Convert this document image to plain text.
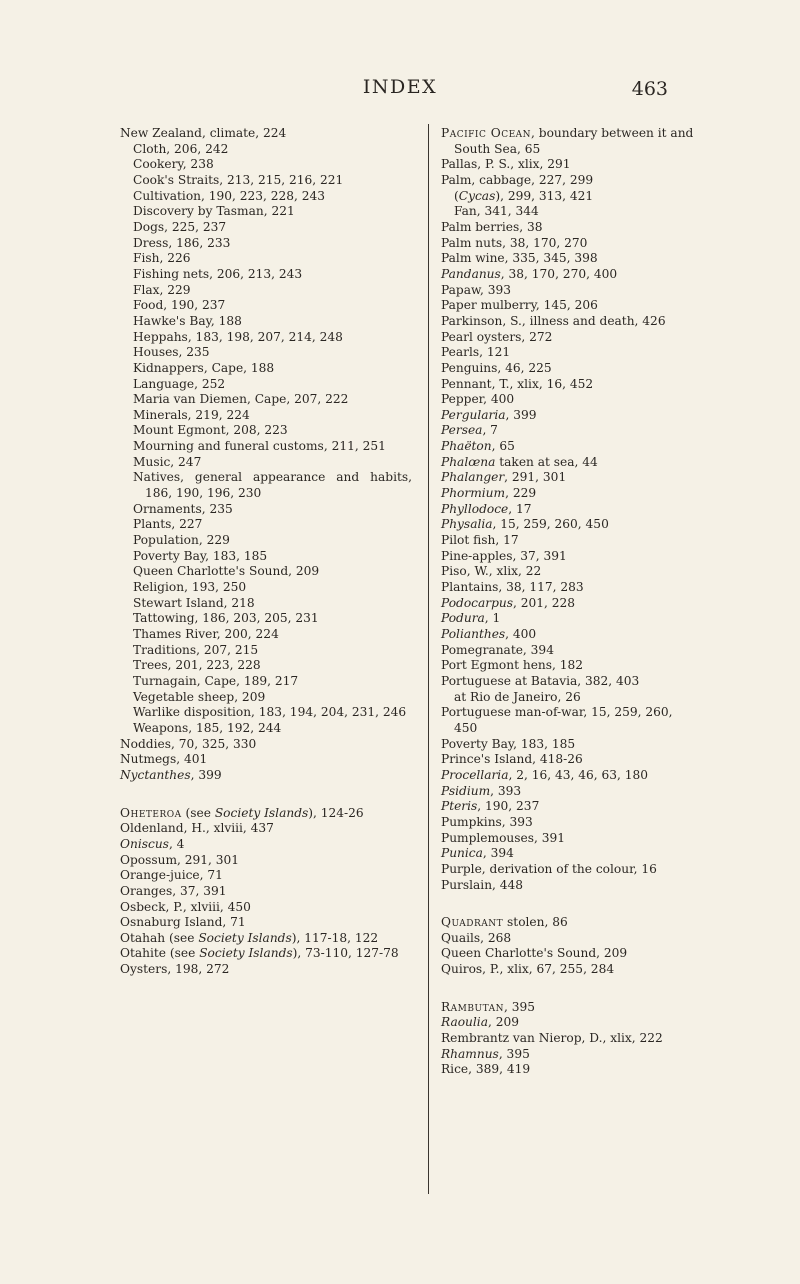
INDEX	463
New Zealand, climate, 224
Cloth, 206, 242
Cookery, 238
Cook's Straits, 213, 215, 216, 221
Cultivation, 190, 223, 228, 243
Discovery by Tasman, 221
Dogs, 225, 237
Dress, 186, 233
Fish, 226
Fishing nets, 206, 213, 243
Flax, 229
Food, 190, 237
Hawke's Bay, 188
Heppahs, 183, 198, 207, 214, 248
Houses, 235
Kidnappers, Cape, 188
Language, 252
Maria van Diemen, Cape, 207, 222
Minerals, 219, 224
Mount Egmont, 208, 223
Mourning and funeral customs, 211, 251
Music, 247
Natives, general appearance and habits, 186, 190, 196, 230
Ornaments, 235
Plants, 227
Population, 229
Poverty Bay, 183, 185
Queen Charlotte's Sound, 209
Religion, 193, 250
Stewart Island, 218
Tattowing, 186, 203, 205, 231
Thames River, 200, 224
Traditions, 207, 215
Trees, 201, 223, 228
Turnagain, Cape, 189, 217
Vegetable sheep, 209
Warlike disposition, 183, 194, 204, 231, 246
Weapons, 185, 192, 244
Noddies, 70, 325, 330
Nutmegs, 401
Nyctanthes, 399
Oheteroa (see Society Islands), 124-26
Oldenland, H., xlviii, 437
Oniscus, 4
Opossum, 291, 301
Orange-juice, 71
Oranges, 37, 391
Osbeck, P., xlviii, 450
Osnaburg Island, 71
Otahah (see Society Islands), 117-18, 122
Otahite (see Society Islands), 73-110, 127-78
Oysters, 198, 272
Pacific Ocean, boundary between it and South Sea, 65
Pallas, P. S., xlix, 291
Palm, cabbage, 227, 299
(Cycas), 299, 313, 421
Fan, 341, 344
Palm berries, 38
Palm nuts, 38, 170, 270
Palm wine, 335, 345, 398
Pandanus, 38, 170, 270, 400
Papaw, 393
Paper mulberry, 145, 206
Parkinson, S., illness and death, 426
Pearl oysters, 272
Pearls, 121
Penguins, 46, 225
Pennant, T., xlix, 16, 452
Pepper, 400
Pergularia, 399
Persea, 7
Phaëton, 65
Phalœna taken at sea, 44
Phalanger, 291, 301
Phormium, 229
Phyllodoce, 17
Physalia, 15, 259, 260, 450
Pilot fish, 17
Pine-apples, 37, 391
Piso, W., xlix, 22
Plantains, 38, 117, 283
Podocarpus, 201, 228
Podura, 1
Polianthes, 400
Pomegranate, 394
Port Egmont hens, 182
Portuguese at Batavia, 382, 403
at Rio de Janeiro, 26
Portuguese man-of-war, 15, 259, 260, 450
Poverty Bay, 183, 185
Prince's Island, 418-26
Procellaria, 2, 16, 43, 46, 63, 180
Psidium, 393
Pteris, 190, 237
Pumpkins, 393
Pumplemouses, 391
Punica, 394
Purple, derivation of the colour, 16
Purslain, 448
Quadrant stolen, 86
Quails, 268
Queen Charlotte's Sound, 209
Quiros, P., xlix, 67, 255, 284
Rambutan, 395
Raoulia, 209
Rembrantz van Nierop, D., xlix, 222
Rhamnus, 395
Rice, 389, 419
